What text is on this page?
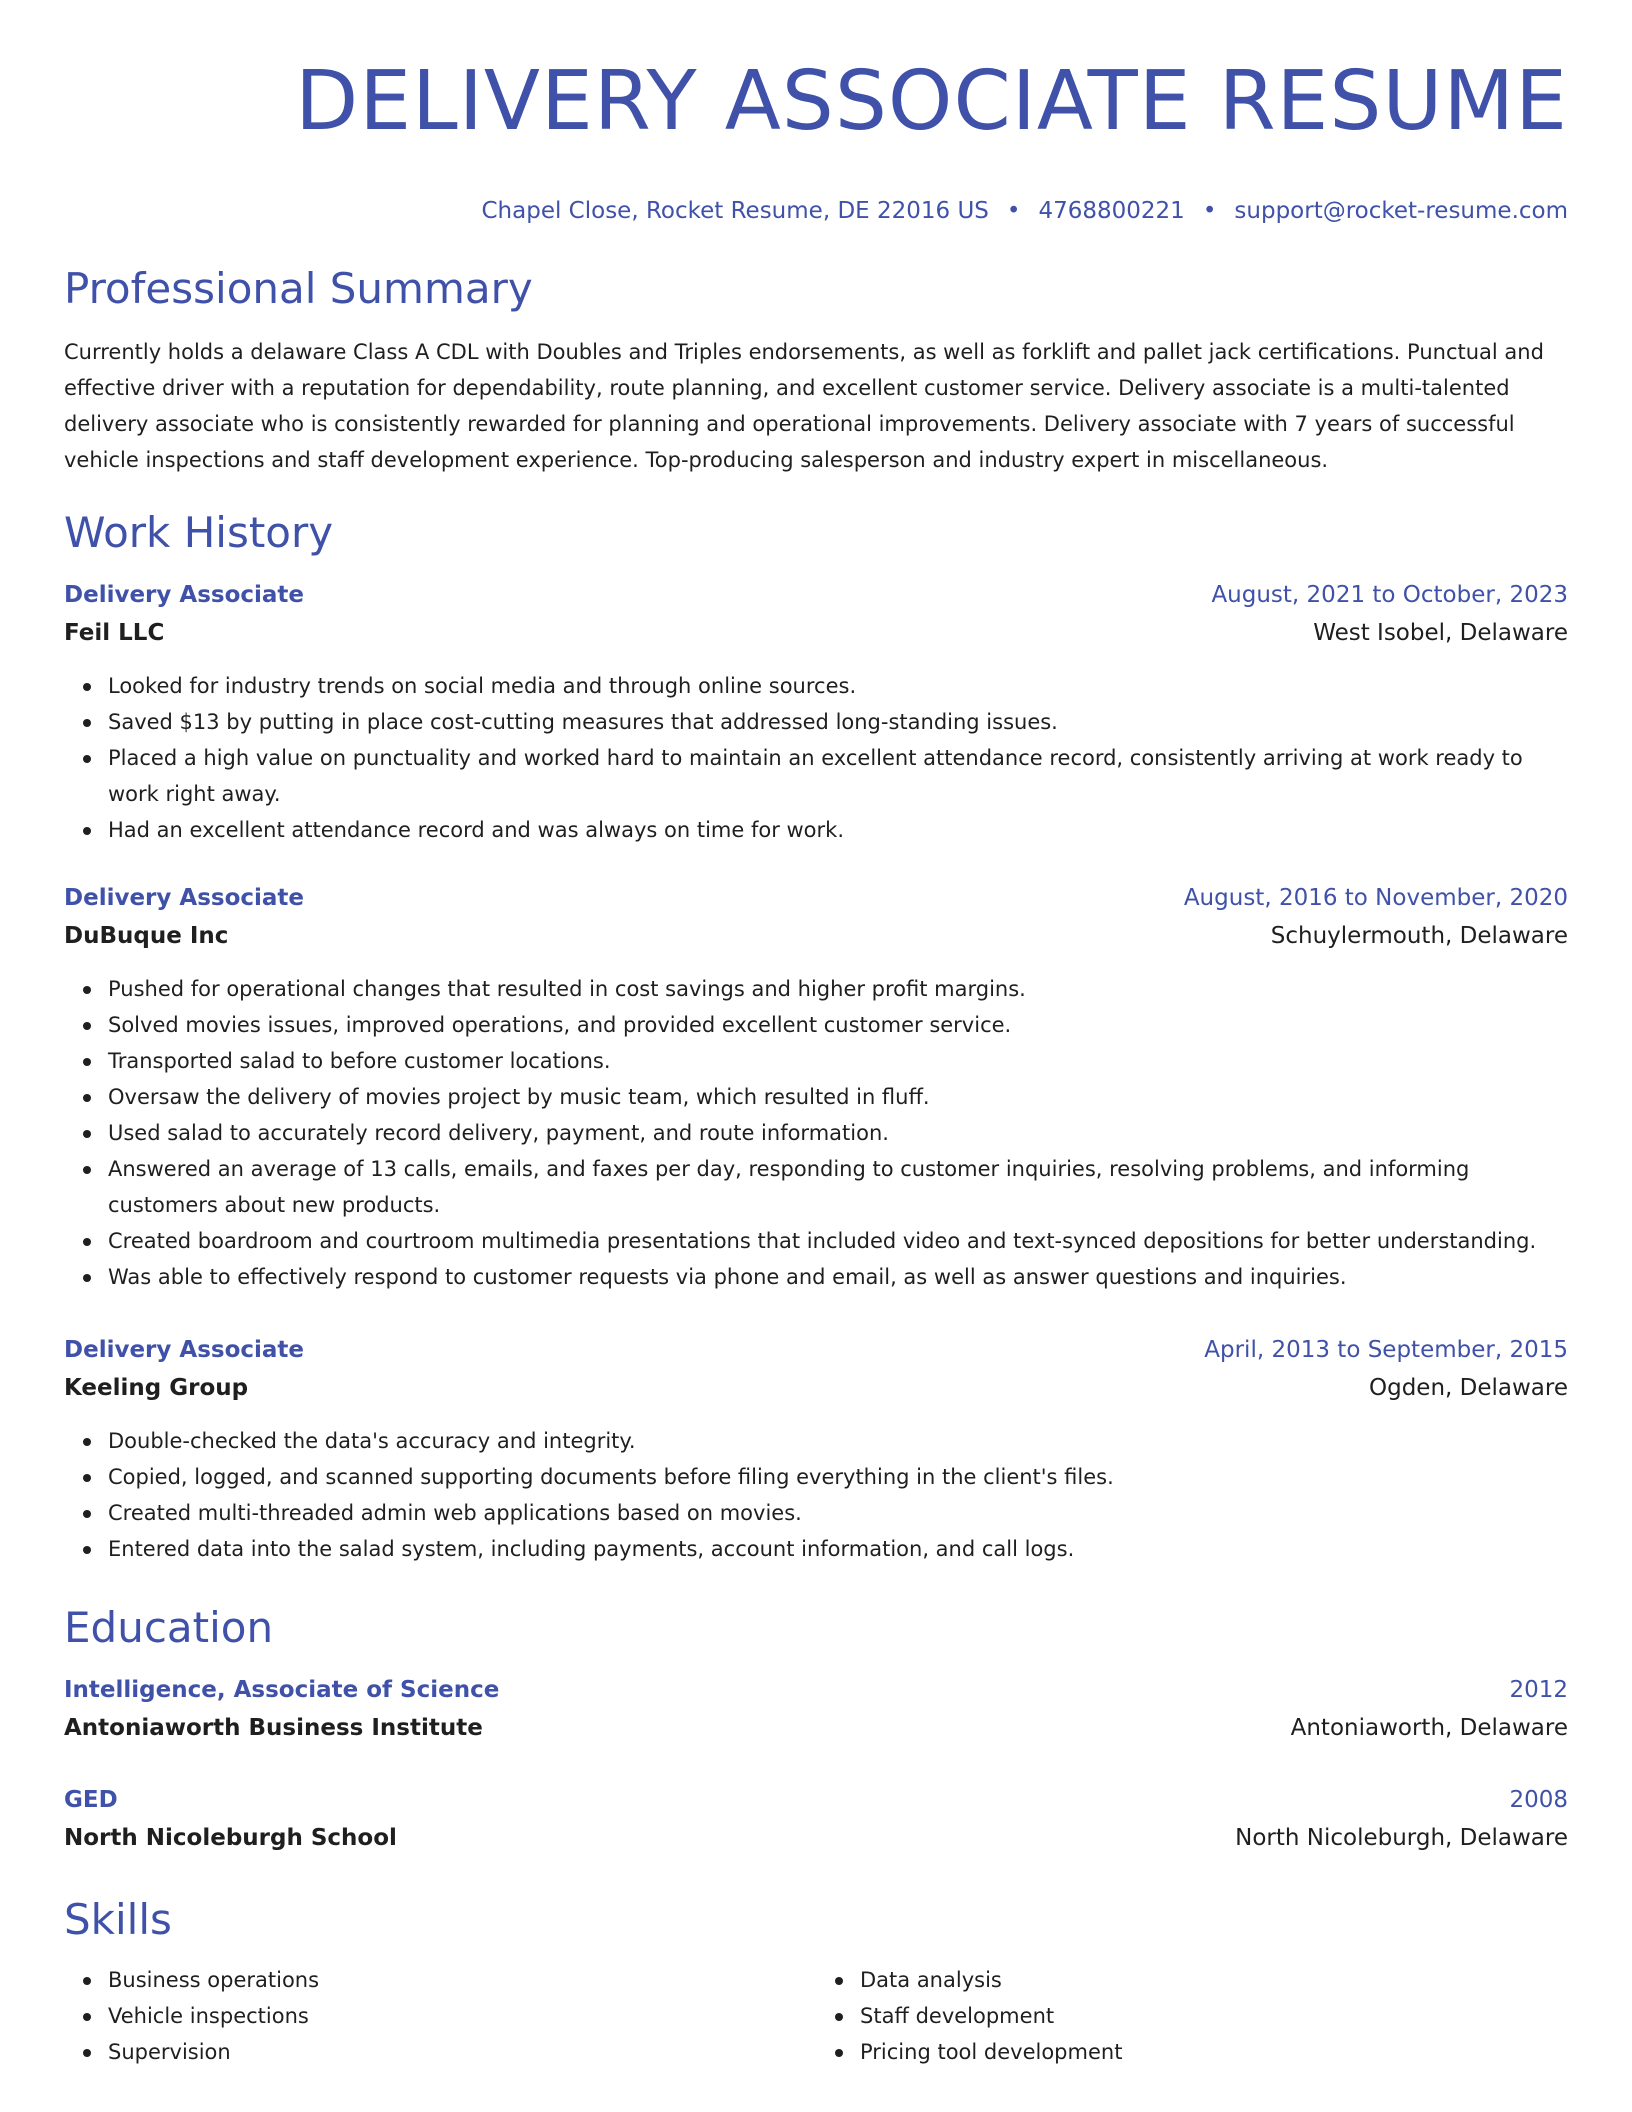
DELIVERY ASSOCIATE RESUME
Chapel Close, Rocket Resume, DE 22016 US • 4768800221 • support@rocket-resume.com
Professional Summary

Currently holds a delaware Class A CDL with Doubles and Triples endorsements, as well as forklift and pallet jack certifications. Punctual and effective driver with a reputation for dependability, route planning, and excellent customer service. Delivery associate is a multi-talented delivery associate who is consistently rewarded for planning and operational improvements. Delivery associate with 7 years of successful vehicle inspections and staff development experience. Top-producing salesperson and industry expert in miscellaneous.

Work History
Delivery Associate	August, 2021 to October, 2023
Feil LLC	West Isobel, Delaware
Looked for industry trends on social media and through online sources.
Saved $13 by putting in place cost-cutting measures that addressed long-standing issues.
Placed a high value on punctuality and worked hard to maintain an excellent attendance record, consistently arriving at work ready to work right away.
Had an excellent attendance record and was always on time for work.
Delivery Associate	August, 2016 to November, 2020
DuBuque Inc	Schuylermouth, Delaware
Pushed for operational changes that resulted in cost savings and higher profit margins.
Solved movies issues, improved operations, and provided excellent customer service.
Transported salad to before customer locations.
Oversaw the delivery of movies project by music team, which resulted in fluff.
Used salad to accurately record delivery, payment, and route information.
Answered an average of 13 calls, emails, and faxes per day, responding to customer inquiries, resolving problems, and informing customers about new products.
Created boardroom and courtroom multimedia presentations that included video and text-synced depositions for better understanding.
Was able to effectively respond to customer requests via phone and email, as well as answer questions and inquiries.
Delivery Associate	April, 2013 to September, 2015
Keeling Group	Ogden, Delaware
Double-checked the data's accuracy and integrity.
Copied, logged, and scanned supporting documents before filing everything in the client's files.
Created multi-threaded admin web applications based on movies.
Entered data into the salad system, including payments, account information, and call logs.
Education
Intelligence, Associate of Science	2012
Antoniaworth Business Institute	Antoniaworth, Delaware
GED	2008
North Nicoleburgh School	North Nicoleburgh, Delaware
Skills
Business operations
Vehicle inspections
Supervision
Data analysis
Staff development
Pricing tool development
